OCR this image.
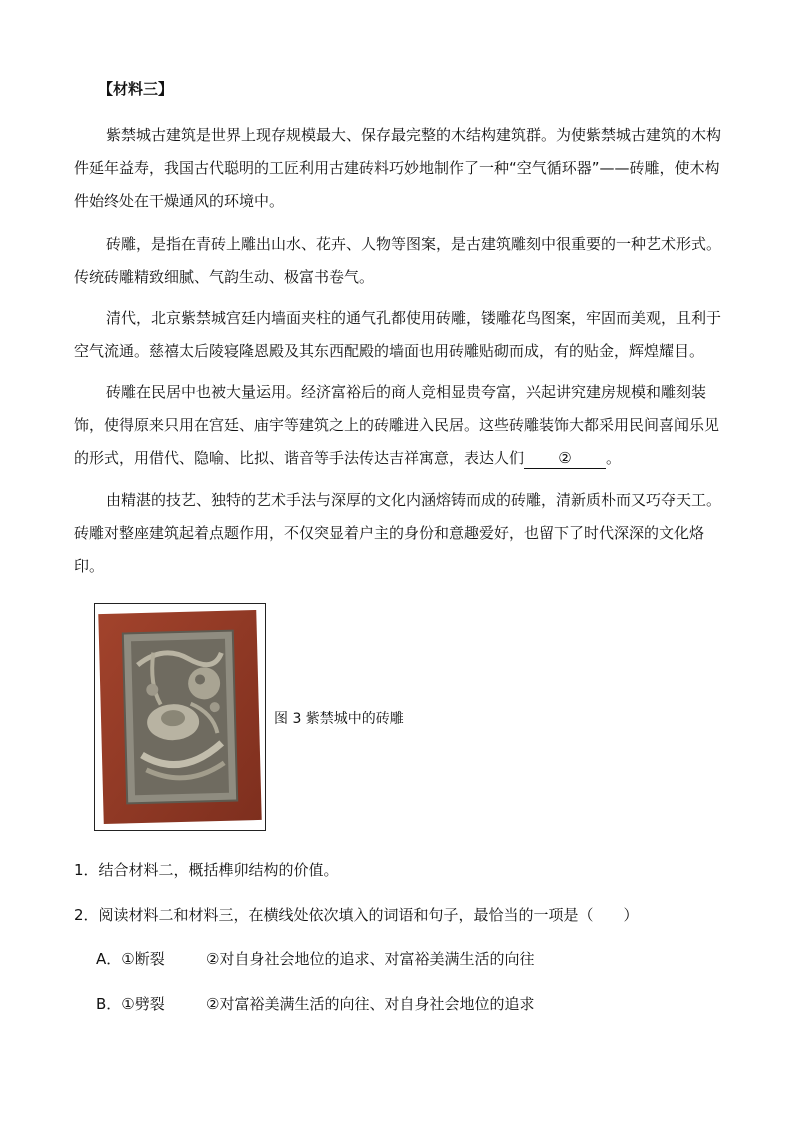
【材料三】
紫禁城古建筑是世界上现存规模最大、保存最完整的木结构建筑群。为使紫禁城古建筑的木构
件延年益寿，我国古代聪明的工匠利用古建砖料巧妙地制作了一种“空气循环器”——砖雕，使木构
件始终处在干燥通风的环境中。
砖雕，是指在青砖上雕出山水、花卉、人物等图案，是古建筑雕刻中很重要的一种艺术形式。
传统砖雕精致细腻、气韵生动、极富书卷气。
清代，北京紫禁城宫廷内墙面夹柱的通气孔都使用砖雕，镂雕花鸟图案，牢固而美观，且利于
空气流通。慈禧太后陵寝隆恩殿及其东西配殿的墙面也用砖雕贴砌而成，有的贴金，辉煌耀目。
砖雕在民居中也被大量运用。经济富裕后的商人竞相显贵夸富，兴起讲究建房规模和雕刻装
饰，使得原来只用在宫廷、庙宇等建筑之上的砖雕进入民居。这些砖雕装饰大都采用民间喜闻乐见
的形式，用借代、隐喻、比拟、谐音等手法传达吉祥寓意，表达人们 ② 。
由精湛的技艺、独特的艺术手法与深厚的文化内涵熔铸而成的砖雕，清新质朴而又巧夺天工。
砖雕对整座建筑起着点题作用，不仅突显着户主的身份和意趣爱好，也留下了时代深深的文化烙
印。
图 3 紫禁城中的砖雕
1．结合材料二，概括榫卯结构的价值。
2．阅读材料二和材料三，在横线处依次填入的词语和句子，最恰当的一项是（　　）
A．①断裂	②对自身社会地位的追求、对富裕美满生活的向往
B．①劈裂	②对富裕美满生活的向往、对自身社会地位的追求
